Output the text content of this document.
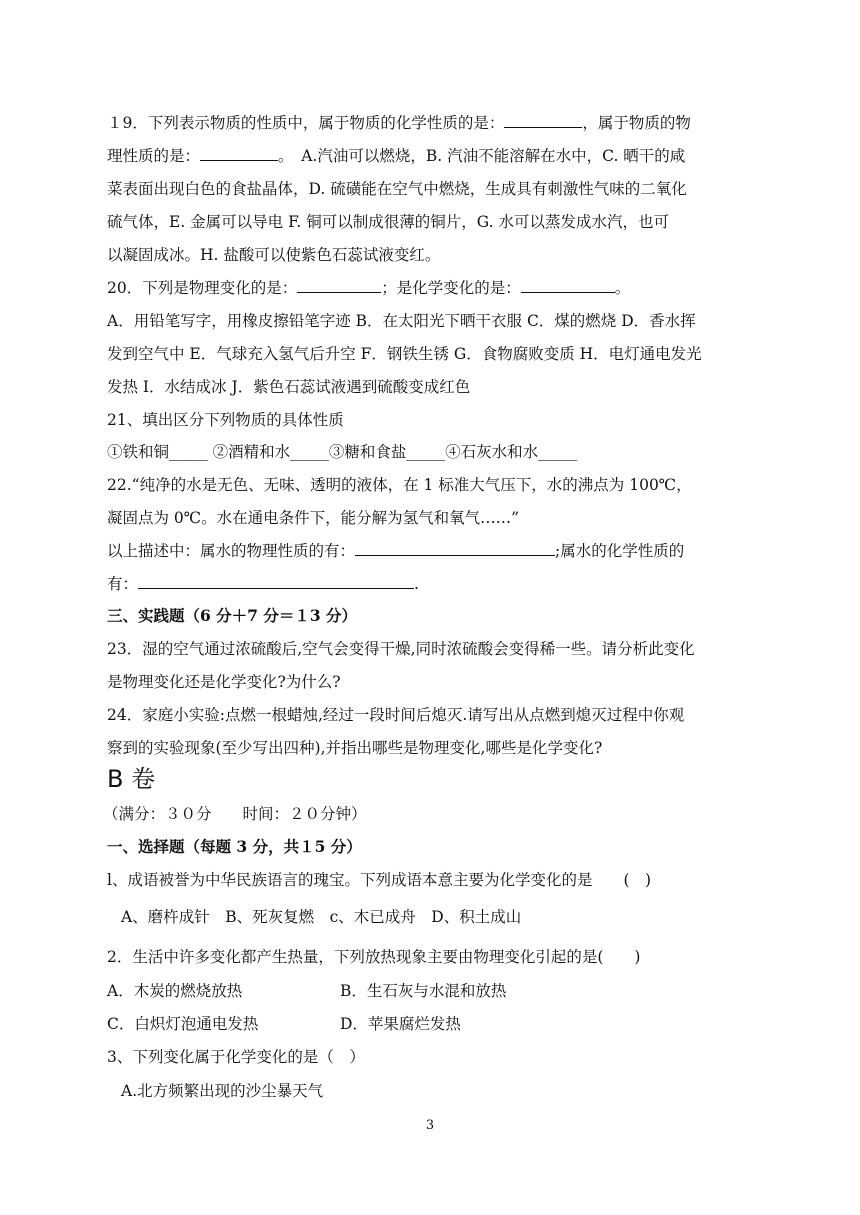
１9．下列表示物质的性质中，属于物质的化学性质的是：	，属于物质的物
理性质的是：	。　A.汽油可以燃烧，B. 汽油不能溶解在水中，C. 晒干的咸
菜表面出现白色的食盐晶体，D. 硫磺能在空气中燃烧，生成具有刺激性气味的二氧化
硫气体，E. 金属可以导电 F. 铜可以制成很薄的铜片，G. 水可以蒸发成水汽，也可
以凝固成冰。H. 盐酸可以使紫色石蕊试液变红。
20．下列是物理变化的是：	；是化学变化的是：	。
A．用铅笔写字，用橡皮擦铅笔字迹 B．在太阳光下晒干衣服 C．煤的燃烧 D．香水挥
发到空气中 E．气球充入氢气后升空 F．钢铁生锈 G．食物腐败变质 H．电灯通电发光
发热 I．水结成冰 J．紫色石蕊试液遇到硫酸变成红色
21、填出区分下列物质的具体性质
①铁和铜_____ ②酒精和水_____③糖和食盐_____④石灰水和水_____
22.“纯净的水是无色、无味、透明的液体，在 1 标准大气压下，水的沸点为 100℃，
凝固点为 0℃。水在通电条件下，能分解为氢气和氧气……”
以上描述中：属水的物理性质的有：	;属水的化学性质的
有：	.
三、实践题（6 分＋7 分＝１3 分）
23．湿的空气通过浓硫酸后,空气会变得干燥,同时浓硫酸会变得稀一些。请分析此变化
是物理变化还是化学变化?为什么?
24．家庭小实验:点燃一根蜡烛,经过一段时间后熄灭.请写出从点燃到熄灭过程中你观
察到的实验现象(至少写出四种),并指出哪些是物理变化,哪些是化学变化?
B 卷
（满分：３０分　　时间：２０分钟）
一、选择题（每题 3 分，共１5 分）
l、成语被誉为中华民族语言的瑰宝。下列成语本意主要为化学变化的是　　(　)
A、磨杵成针　B、死灰复燃　c、木已成舟　D、积土成山
2．生活中许多变化都产生热量，下列放热现象主要由物理变化引起的是(　　)
A．木炭的燃烧放热	B．生石灰与水混和放热
C．白炽灯泡通电发热	D．苹果腐烂发热
3、下列变化属于化学变化的是（　）
A.北方频繁出现的沙尘暴天气
3
